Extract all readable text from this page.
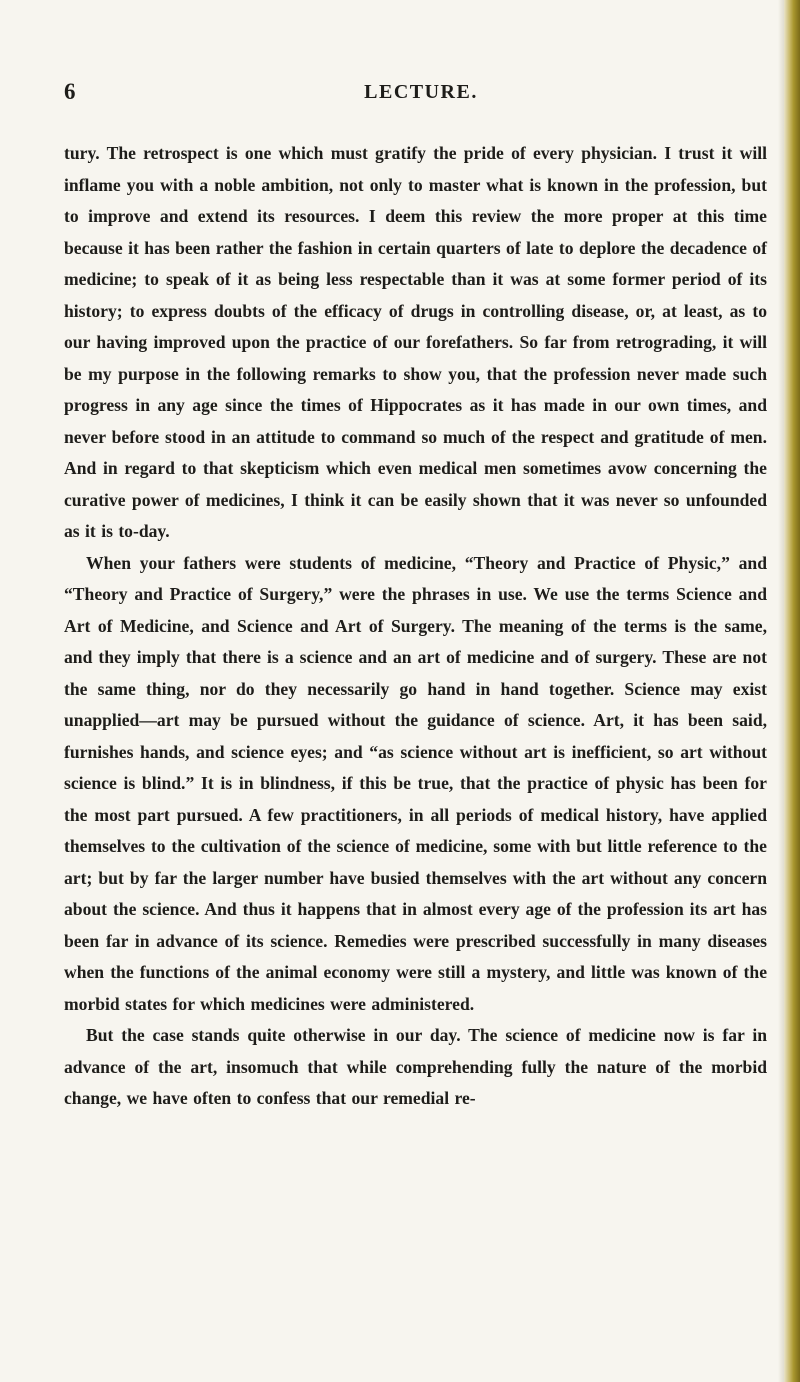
6	LECTURE.

tury. The retrospect is one which must gratify the pride of every physician. I trust it will inflame you with a noble ambition, not only to master what is known in the profession, but to improve and extend its resources. I deem this review the more proper at this time because it has been rather the fashion in certain quarters of late to deplore the decadence of medicine; to speak of it as being less respectable than it was at some former period of its history; to express doubts of the efficacy of drugs in controlling disease, or, at least, as to our having improved upon the practice of our forefathers. So far from retrograding, it will be my purpose in the following remarks to show you, that the profession never made such progress in any age since the times of Hippocrates as it has made in our own times, and never before stood in an attitude to command so much of the respect and gratitude of men. And in regard to that skepticism which even medical men sometimes avow concerning the curative power of medicines, I think it can be easily shown that it was never so unfounded as it is to-day.

When your fathers were students of medicine, “Theory and Practice of Physic,” and “Theory and Practice of Surgery,” were the phrases in use. We use the terms Science and Art of Medicine, and Science and Art of Surgery. The meaning of the terms is the same, and they imply that there is a science and an art of medicine and of surgery. These are not the same thing, nor do they necessarily go hand in hand together. Science may exist unapplied—art may be pursued without the guidance of science. Art, it has been said, furnishes hands, and science eyes; and “as science without art is inefficient, so art without science is blind.” It is in blindness, if this be true, that the practice of physic has been for the most part pursued. A few practitioners, in all periods of medical history, have applied themselves to the cultivation of the science of medicine, some with but little reference to the art; but by far the larger number have busied themselves with the art without any concern about the science. And thus it happens that in almost every age of the profession its art has been far in advance of its science. Remedies were prescribed successfully in many diseases when the functions of the animal economy were still a mystery, and little was known of the morbid states for which medicines were administered.

But the case stands quite otherwise in our day. The science of medicine now is far in advance of the art, insomuch that while comprehending fully the nature of the morbid change, we have often to confess that our remedial re-
